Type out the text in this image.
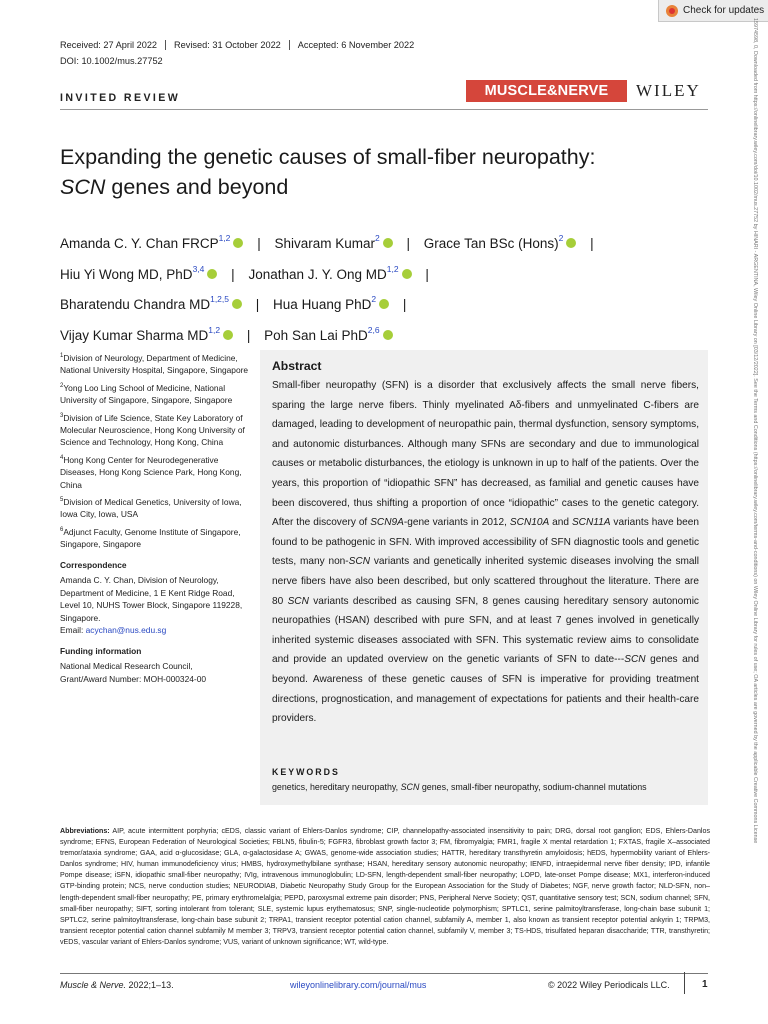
Check for updates
15974598, 0, Downloaded from https://onlinelibrary.wiley.com/doi/10.1002/mus.27752 by HINARI - ARGENTINA, Wiley Online Library on [03/12/2022]. See the Terms and Conditions (https://onlinelibrary.wiley.com/terms-and-conditions) on Wiley Online Library for rules of use; OA articles are governed by the applicable Creative Commons License
Received: 27 April 2022	Revised: 31 October 2022	Accepted: 6 November 2022
DOI: 10.1002/mus.27752
INVITED REVIEW	MUSCLE&NERVE	WILEY
Expanding the genetic causes of small-fiber neuropathy:
SCN genes and beyond
Amanda C. Y. Chan FRCP$^{1,2}$ | Shivaram Kumar$^2$ | Grace Tan BSc (Hons)$^2$ |
Hiu Yi Wong MD, PhD$^{3,4}$ | Jonathan J. Y. Ong MD$^{1,2}$ |
Bharatendu Chandra MD$^{1,2,5}$ | Hua Huang PhD$^2$ |
Vijay Kumar Sharma MD$^{1,2}$ | Poh San Lai PhD$^{2,6}$

$^1$Division of Neurology, Department of Medicine, National University Hospital, Singapore, Singapore

$^2$Yong Loo Ling School of Medicine, National University of Singapore, Singapore, Singapore

$^3$Division of Life Science, State Key Laboratory of Molecular Neuroscience, Hong Kong University of Science and Technology, Hong Kong, China

$^4$Hong Kong Center for Neurodegenerative Diseases, Hong Kong Science Park, Hong Kong, China

$^5$Division of Medical Genetics, University of Iowa, Iowa City, Iowa, USA

$^6$Adjunct Faculty, Genome Institute of Singapore, Singapore, Singapore

Correspondence

Amanda C. Y. Chan, Division of Neurology, Department of Medicine, 1 E Kent Ridge Road, Level 10, NUHS Tower Block, Singapore 119228, Singapore.
Email: acychan@nus.edu.sg

Funding information

National Medical Research Council,
Grant/Award Number: MOH-000324-00

Abstract
Small-fiber neuropathy (SFN) is a disorder that exclusively affects the small nerve fibers, sparing the large nerve fibers. Thinly myelinated Aδ-fibers and unmyelinated C-fibers are damaged, leading to development of neuropathic pain, thermal dysfunction, sensory symptoms, and autonomic disturbances. Although many SFNs are secondary and due to immunological causes or metabolic disturbances, the etiology is unknown in up to half of the patients. Over the years, this proportion of “idiopathic SFN” has decreased, as familial and genetic causes have been discovered, thus shifting a proportion of once “idiopathic” cases to the genetic category. After the discovery of SCN9A-gene variants in 2012, SCN10A and SCN11A variants have been found to be pathogenic in SFN. With improved accessibility of SFN diagnostic tools and genetic tests, many non-SCN variants and genetically inherited systemic diseases involving the small nerve fibers have also been described, but only scattered throughout the literature. There are 80 SCN variants described as causing SFN, 8 genes causing hereditary sensory autonomic neuropathies (HSAN) described with pure SFN, and at least 7 genes involved in genetically inherited systemic diseases associated with SFN. This systematic review aims to consolidate and provide an updated overview on the genetic variants of SFN to date---SCN genes and beyond. Awareness of these genetic causes of SFN is imperative for providing treatment directions, prognostication, and management of expectations for patients and their health-care providers.
KEYWORDS
genetics, hereditary neuropathy, SCN genes, small-fiber neuropathy, sodium-channel mutations
Abbreviations: AIP, acute intermittent porphyria; cEDS, classic variant of Ehlers-Danlos syndrome; CIP, channelopathy-associated insensitivity to pain; DRG, dorsal root ganglion; EDS, Ehlers-Danlos syndrome; EFNS, European Federation of Neurological Societies; FBLN5, fibulin-5; FGFR3, fibroblast growth factor 3; FM, fibromyalgia; FMR1, fragile X mental retardation 1; FXTAS, fragile X–associated tremor/ataxia syndrome; GAA, acid α-glucosidase; GLA, α-galactosidase A; GWAS, genome-wide association studies; HATTR, hereditary transthyretin amyloidosis; hEDS, hypermobility variant of Ehlers-Danlos syndrome; HIV, human immunodeficiency virus; HMBS, hydroxymethylbilane synthase; HSAN, hereditary sensory autonomic neuropathy; IENFD, intraepidermal nerve fiber density; IPD, infantile Pompe disease; iSFN, idiopathic small-fiber neuropathy; IVIg, intravenous immunoglobulin; LD-SFN, length-dependent small-fiber neuropathy; LOPD, late-onset Pompe disease; MX1, interferon-induced GTP-binding protein; NCS, nerve conduction studies; NEURODIAB, Diabetic Neuropathy Study Group for the European Association for the Study of Diabetes; NGF, nerve growth factor; NLD-SFN, non–length-dependent small-fiber neuropathy; PE, primary erythromelalgia; PEPD, paroxysmal extreme pain disorder; PNS, Peripheral Nerve Society; QST, quantitative sensory test; SCN, sodium channel; SFN, small-fiber neuropathy; SIFT, sorting intolerant from tolerant; SLE, systemic lupus erythematosus; SNP, single-nucleotide polymorphism; SPTLC1, serine palmitoyltransferase, long-chain base subunit 1; SPTLC2, serine palmitoyltransferase, long-chain base subunit 2; TRPA1, transient receptor potential cation channel, subfamily A, member 1, also known as transient receptor potential ankyrin 1; TRPM3, transient receptor potential cation channel subfamily M member 3; TRPV3, transient receptor potential cation channel, subfamily V, member 3; TS-HDS, trisulfated heparan disaccharide; TTR, transthyretin; vEDS, vascular variant of Ehlers-Danlos syndrome; VUS, variant of unknown significance; WT, wild-type.
Muscle & Nerve. 2022;1–13.	wileyonlinelibrary.com/journal/mus	© 2022 Wiley Periodicals LLC.	1
